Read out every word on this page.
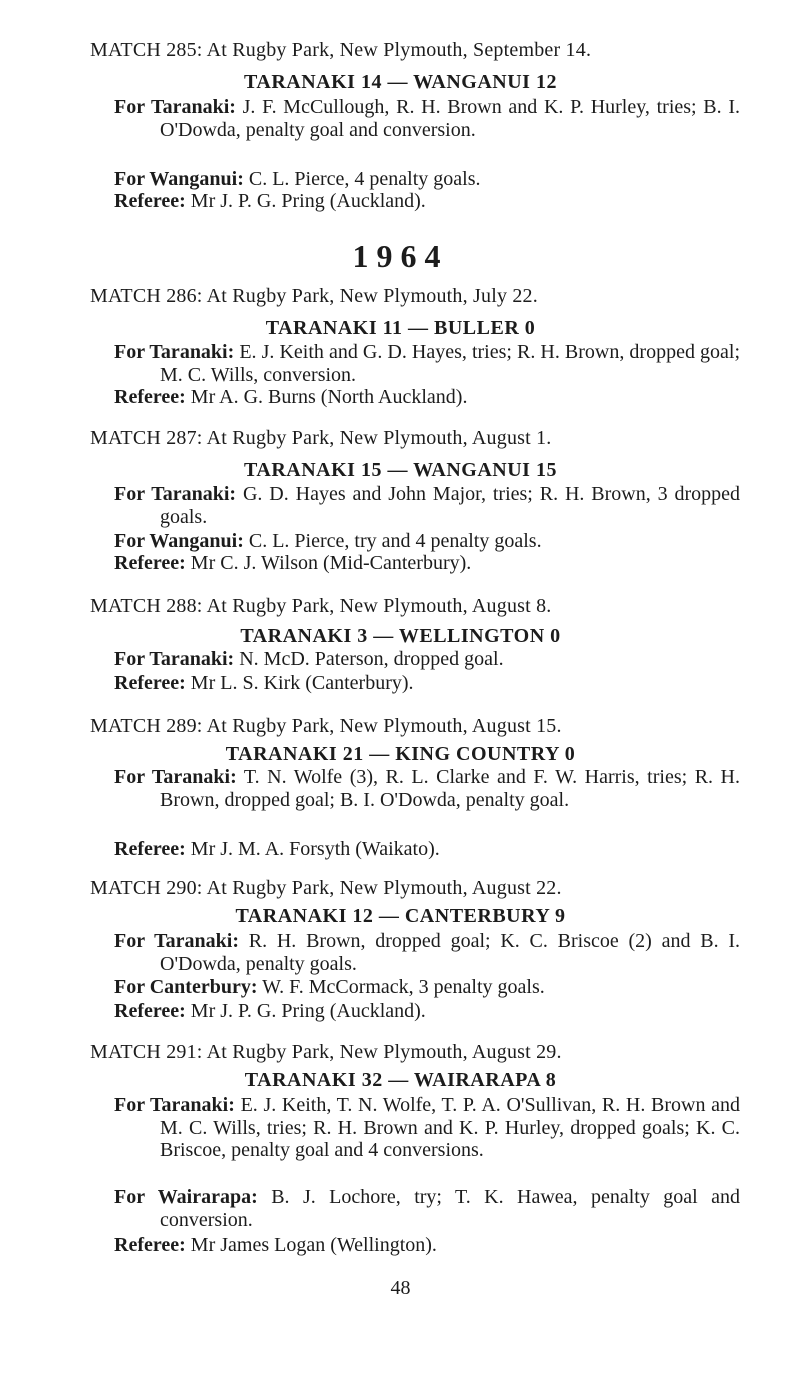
MATCH 285: At Rugby Park, New Plymouth, September 14.
TARANAKI 14 — WANGANUI 12
For Taranaki: J. F. McCullough, R. H. Brown and K. P. Hurley, tries; B. I. O'Dowda, penalty goal and conversion.
For Wanganui: C. L. Pierce, 4 penalty goals.
Referee: Mr J. P. G. Pring (Auckland).
1964
MATCH 286: At Rugby Park, New Plymouth, July 22.
TARANAKI 11 — BULLER 0
For Taranaki: E. J. Keith and G. D. Hayes, tries; R. H. Brown, dropped goal; M. C. Wills, conversion.
Referee: Mr A. G. Burns (North Auckland).
MATCH 287: At Rugby Park, New Plymouth, August 1.
TARANAKI 15 — WANGANUI 15
For Taranaki: G. D. Hayes and John Major, tries; R. H. Brown, 3 dropped goals.
For Wanganui: C. L. Pierce, try and 4 penalty goals.
Referee: Mr C. J. Wilson (Mid-Canterbury).
MATCH 288: At Rugby Park, New Plymouth, August 8.
TARANAKI 3 — WELLINGTON 0
For Taranaki: N. McD. Paterson, dropped goal.
Referee: Mr L. S. Kirk (Canterbury).
MATCH 289: At Rugby Park, New Plymouth, August 15.
TARANAKI 21 — KING COUNTRY 0
For Taranaki: T. N. Wolfe (3), R. L. Clarke and F. W. Harris, tries; R. H. Brown, dropped goal; B. I. O'Dowda, penalty goal.
Referee: Mr J. M. A. Forsyth (Waikato).
MATCH 290: At Rugby Park, New Plymouth, August 22.
TARANAKI 12 — CANTERBURY 9
For Taranaki: R. H. Brown, dropped goal; K. C. Briscoe (2) and B. I. O'Dowda, penalty goals.
For Canterbury: W. F. McCormack, 3 penalty goals.
Referee: Mr J. P. G. Pring (Auckland).
MATCH 291: At Rugby Park, New Plymouth, August 29.
TARANAKI 32 — WAIRARAPA 8
For Taranaki: E. J. Keith, T. N. Wolfe, T. P. A. O'Sullivan, R. H. Brown and M. C. Wills, tries; R. H. Brown and K. P. Hurley, dropped goals; K. C. Briscoe, penalty goal and 4 conversions.
For Wairarapa: B. J. Lochore, try; T. K. Hawea, penalty goal and conversion.
Referee: Mr James Logan (Wellington).
48
